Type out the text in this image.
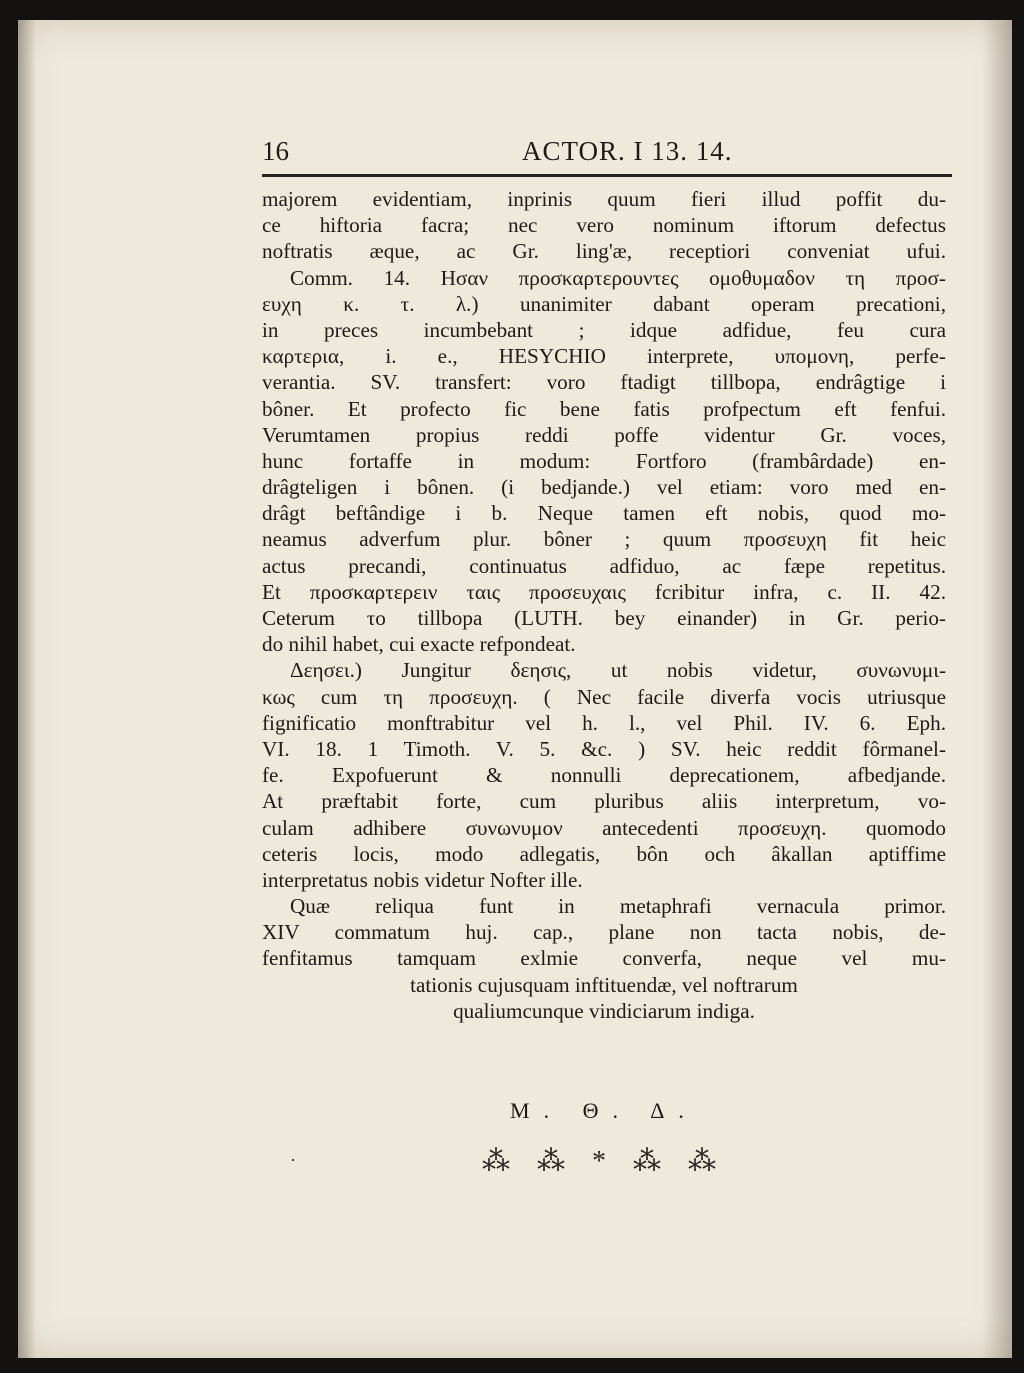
16	ACTOR. I 13. 14.
majorem evidentiam, inprinis quum fieri illud poffit du-
ce hiftoria facra; nec vero nominum iftorum defectus
noftratis æque, ac Gr. ling'æ, receptiori conveniat ufui.
Comm. 14. Ησαν προσκαρτερουντες ομοθυμαδον τη προσ-
ευχη κ. τ. λ.) unanimiter dabant operam precationi,
in preces incumbebant ; idque adfidue, feu cura
καρτερια, i. e., HESYCHIO interprete, υπομονη, perfe-
verantia. SV. transfert: voro ftadigt tillbopa, endrâgtige i
bôner. Et profecto fic bene fatis profpectum eft fenfui.
Verumtamen propius reddi poffe videntur Gr. voces,
hunc fortaffe in modum: Fortforo (frambârdade) en-
drâgteligen i bônen. (i bedjande.) vel etiam: voro med en-
drâgt beftândige i b. Neque tamen eft nobis, quod mo-
neamus adverfum plur. bôner ; quum προσευχη fit heic
actus precandi, continuatus adfiduo, ac fæpe repetitus.
Et προσκαρτερειν ταις προσευχαις fcribitur infra, c. II. 42.
Ceterum το tillbopa (LUTH. bey einander) in Gr. perio-
do nihil habet, cui exacte refpondeat.
Δεησει.) Jungitur δεησις, ut nobis videtur, συνωνυμι-
κως cum τη προσευχη. ( Nec facile diverfa vocis utriusque
fignificatio monftrabitur vel h. l., vel Phil. IV. 6. Eph.
VI. 18. 1 Timoth. V. 5. &c. ) SV. heic reddit fôrmanel-
fe. Expofuerunt & nonnulli deprecationem, afbedjande.
At præftabit forte, cum pluribus aliis interpretum, vo-
culam adhibere συνωνυμον antecedenti προσευχη. quomodo
ceteris locis, modo adlegatis, bôn och âkallan aptiffime
interpretatus nobis videtur Nofter ille.
Quæ reliqua funt in metaphrafi vernacula primor.
XIV commatum huj. cap., plane non tacta nobis, de-
fenfitamus tamquam exlmie converfa, neque vel mu-
tationis cujusquam inftituendæ, vel noftrarum
qualiumcunque vindiciarum indiga.
M. Θ. Δ.
·	⁂ ⁂ * ⁂ ⁂
